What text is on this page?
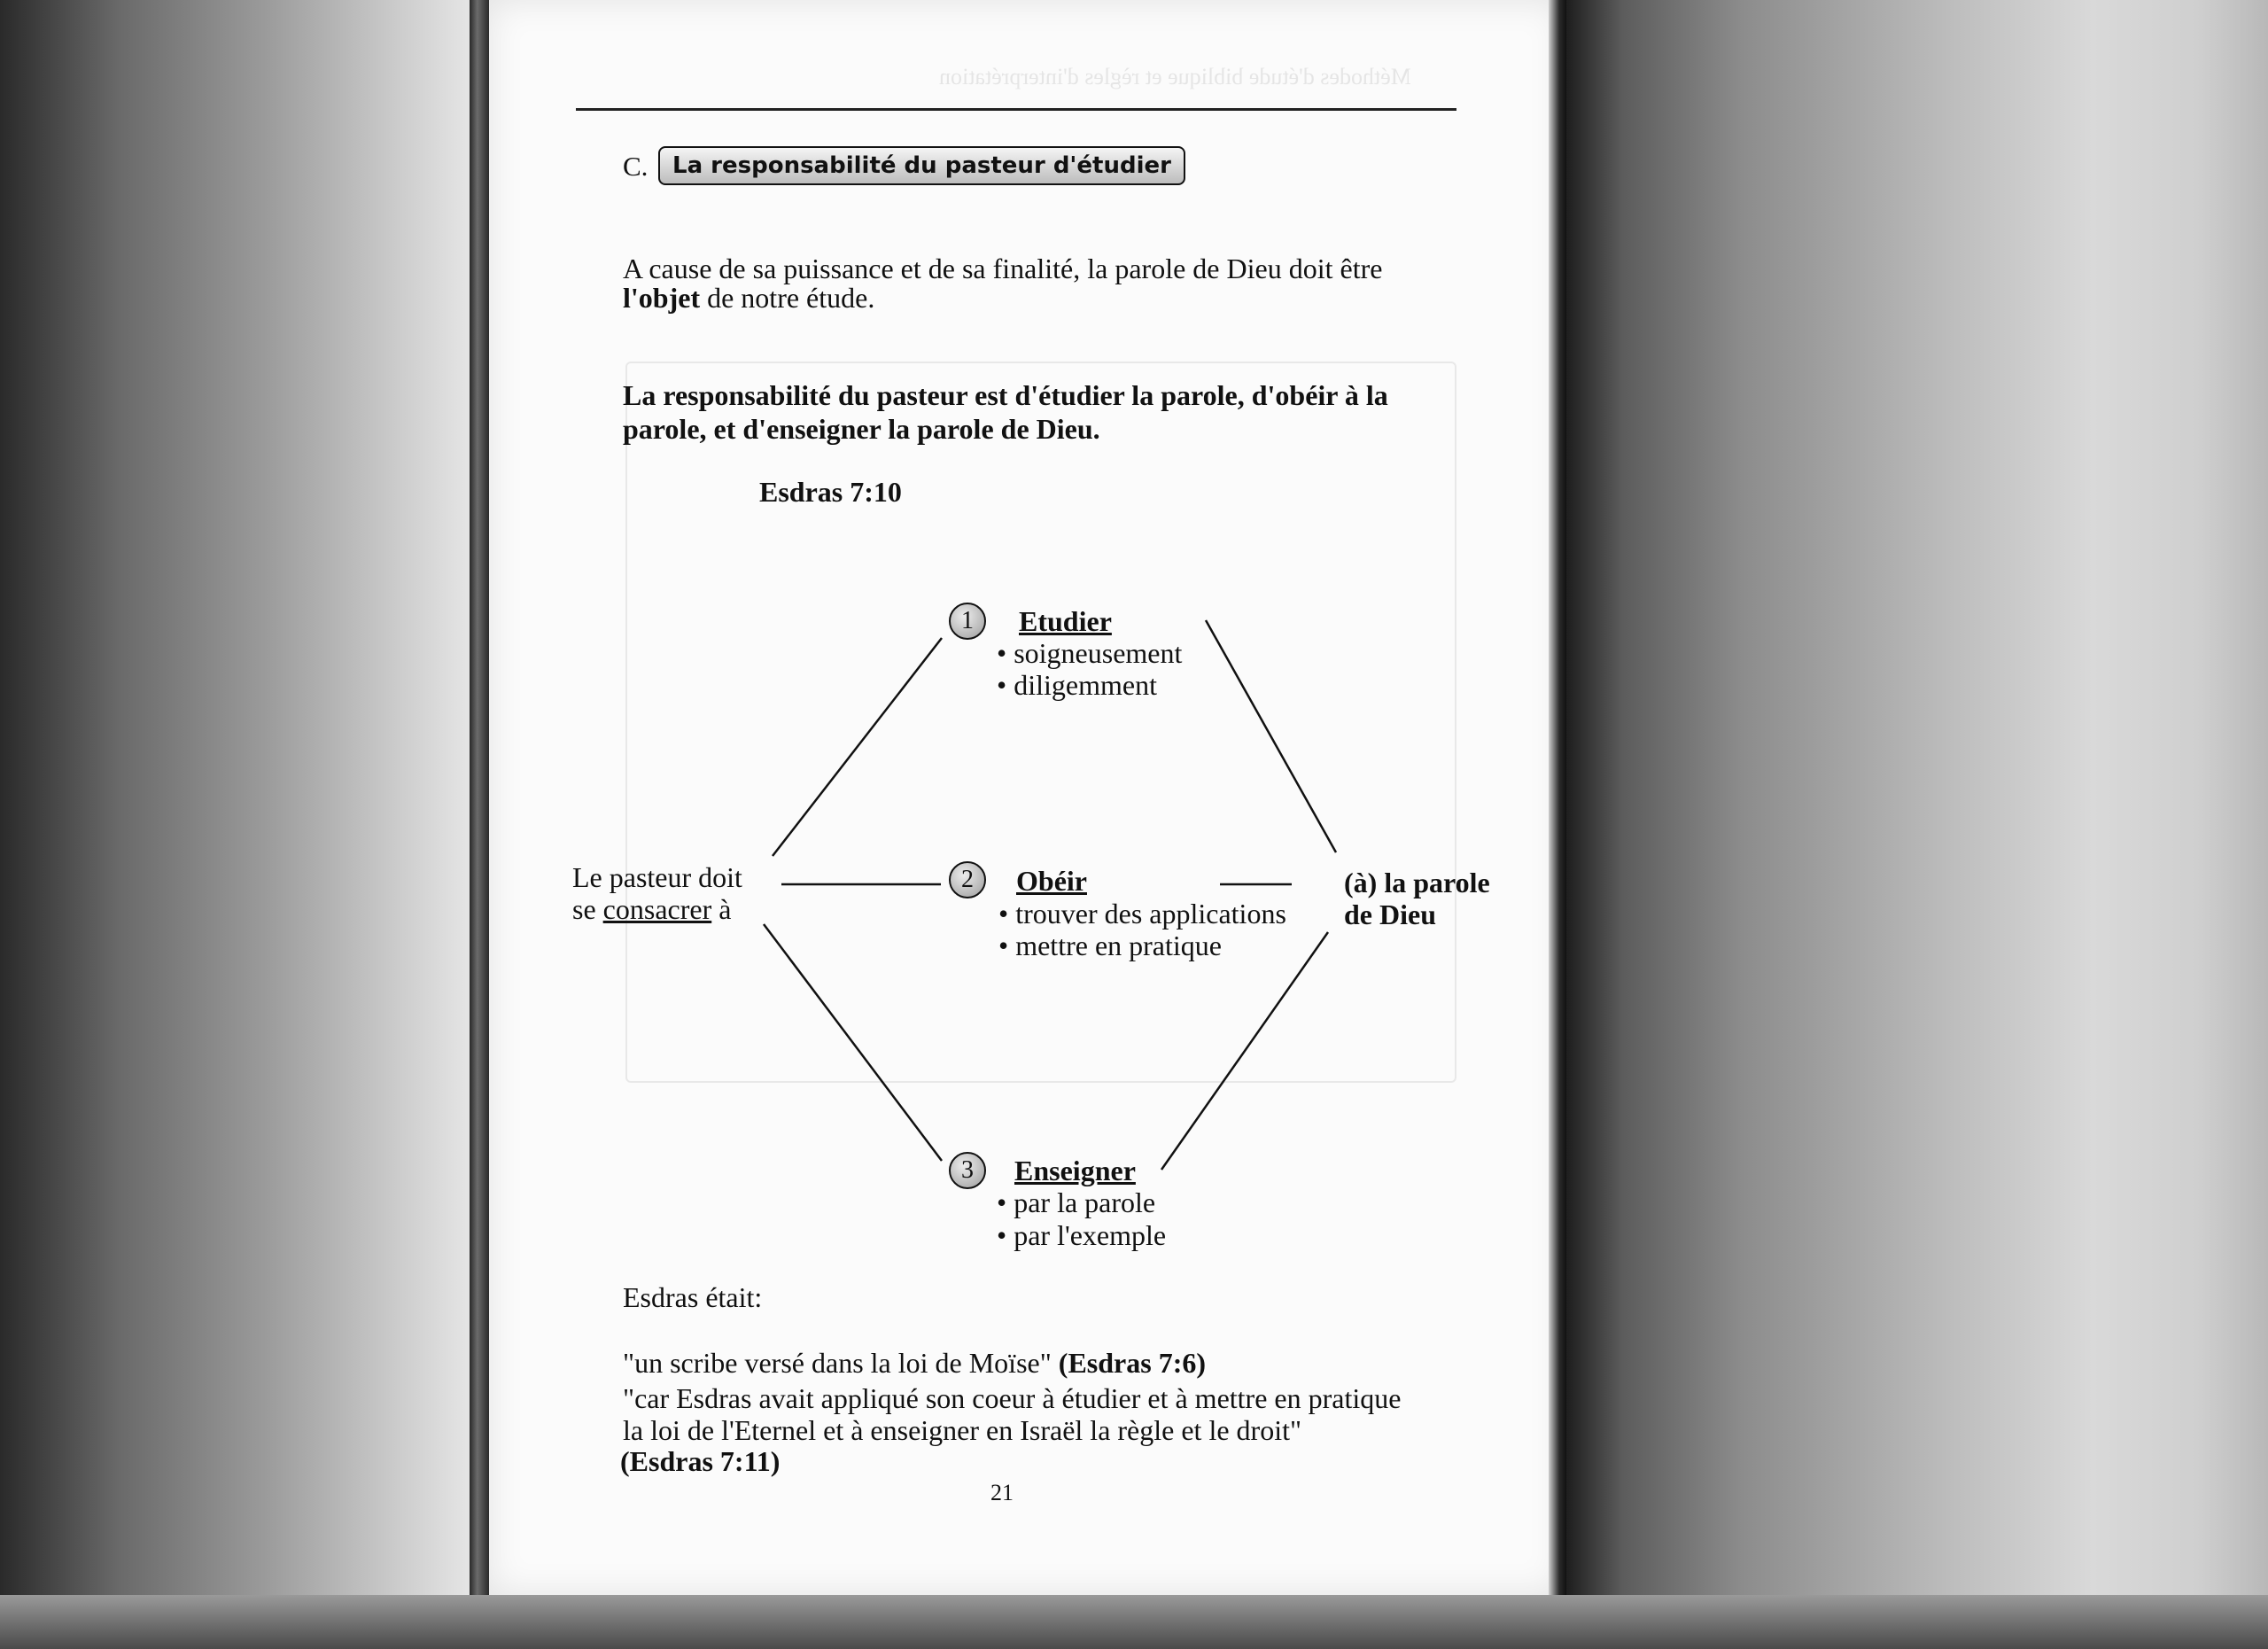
Méthodes d'étude biblique et règles d'interprétation
C. La responsabilité du pasteur d'étudier
A cause de sa puissance et de sa finalité, la parole de Dieu doit être
l'objet de notre étude.
La responsabilité du pasteur est d'étudier la parole, d'obéir à la
parole, et d'enseigner la parole de Dieu.
Esdras 7:10
Le pasteur doit
se consacrer à
(à) la parole
de Dieu
1	Etudier
• soigneusement
• diligemment
2	Obéir
• trouver des applications
• mettre en pratique
3	Enseigner
• par la parole
• par l'exemple
Esdras était:
"un scribe versé dans la loi de Moïse" (Esdras 7:6)
"car Esdras avait appliqué son coeur à étudier et à mettre en pratique
la loi de l'Eternel et à enseigner en Israël la règle et le droit"
(Esdras 7:11)
21
